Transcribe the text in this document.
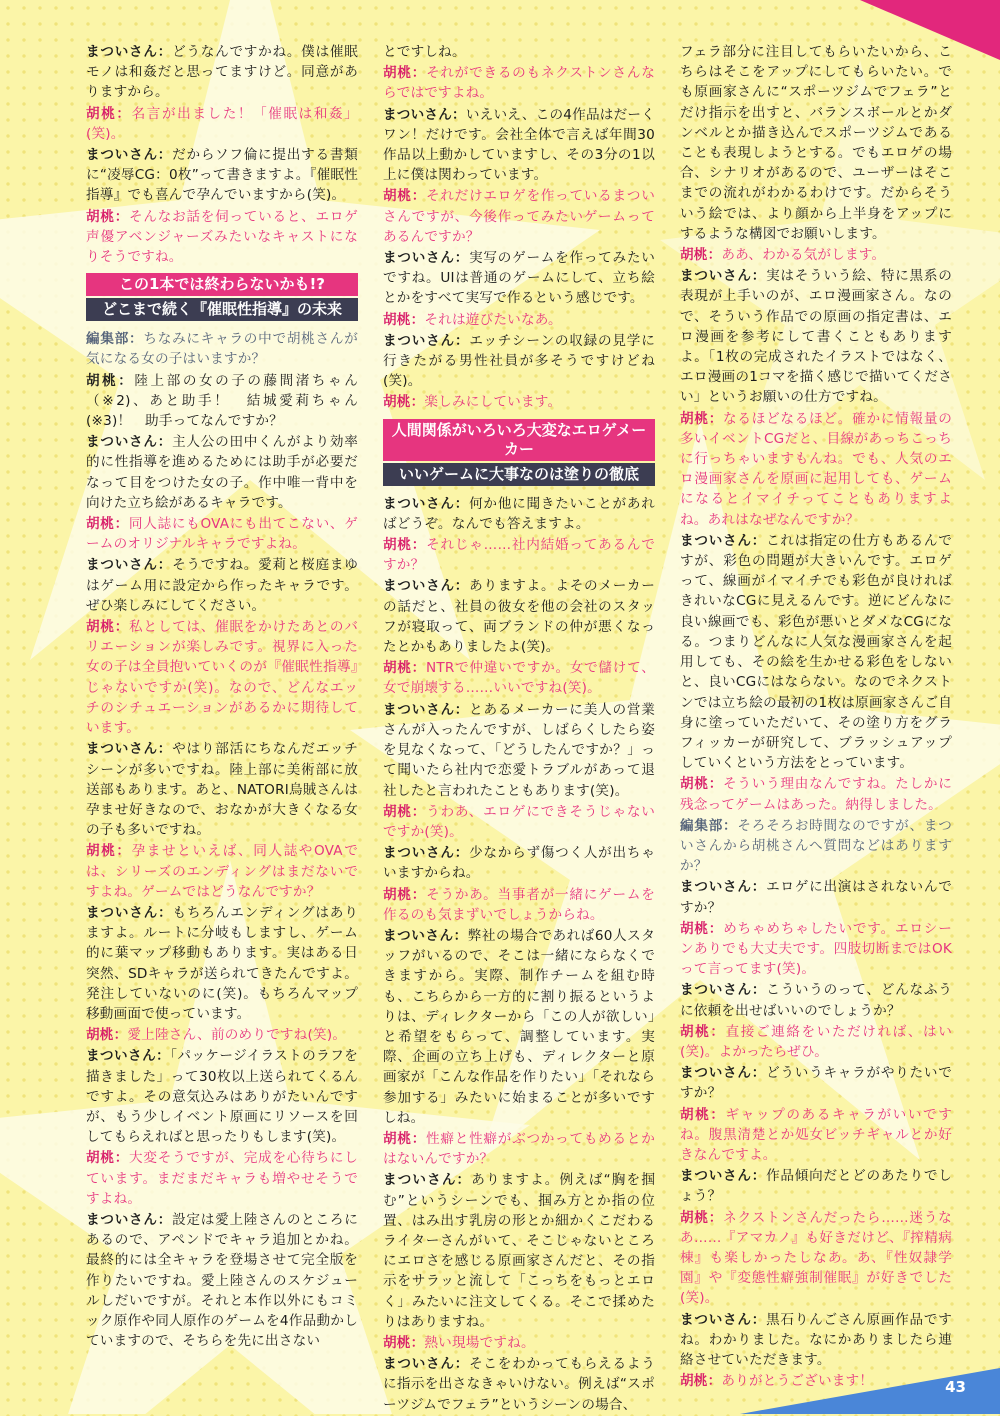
43

まついさん：どうなんですかね。僕は催眠モノは和姦だと思ってますけど。同意がありますから。

胡桃：名言が出ました！「催眠は和姦」(笑)。

まついさん：だからソフ倫に提出する書類に“凌辱CG：0枚”って書きますよ。『催眠性指導』でも喜んで孕んでいますから(笑)。

胡桃：そんなお話を伺っていると、エロゲ声優アベンジャーズみたいなキャストになりそうですね。

この1本では終わらないかも!?
どこまで続く『催眠性指導』の未来

編集部：ちなみにキャラの中で胡桃さんが気になる女の子はいますか？

胡桃：陸上部の女の子の藤間渚ちゃん（※2)、あと助手！　結城愛莉ちゃん(※3)！　助手ってなんですか？

まついさん：主人公の田中くんがより効率的に性指導を進めるためには助手が必要だなって目をつけた女の子。作中唯一背中を向けた立ち絵があるキャラです。

胡桃：同人誌にもOVAにも出てこない、ゲームのオリジナルキャラですよね。

まついさん：そうですね。愛莉と桜庭まゆはゲーム用に設定から作ったキャラです。ぜひ楽しみにしてください。

胡桃：私としては、催眠をかけたあとのバリエーションが楽しみです。視界に入った女の子は全員抱いていくのが『催眠性指導』じゃないですか(笑)。なので、どんなエッチのシチュエーションがあるかに期待しています。

まついさん：やはり部活にちなんだエッチシーンが多いですね。陸上部に美術部に放送部もあります。あと、NATORI烏賊さんは孕ませ好きなので、おなかが大きくなる女の子も多いですね。

胡桃：孕ませといえば、同人誌やOVAでは、シリーズのエンディングはまだないですよね。ゲームではどうなんですか？

まついさん：もちろんエンディングはありますよ。ルートに分岐もしますし、ゲーム的に葉マップ移動もあります。実はある日突然、SDキャラが送られてきたんですよ。発注していないのに(笑)。もちろんマップ移動画面で使っています。

胡桃：愛上陸さん、前のめりですね(笑)。

まついさん：「パッケージイラストのラフを描きました」って30枚以上送られてくるんですよ。その意気込みはありがたいんですが、もう少しイベント原画にリソースを回してもらえればと思ったりもします(笑)。

胡桃：大変そうですが、完成を心待ちにしています。まだまだキャラも増やせそうですよね。

まついさん：設定は愛上陸さんのところにあるので、アペンドでキャラ追加とかね。最終的には全キャラを登場させて完全版を作りたいですね。愛上陸さんのスケジュールしだいですが。それと本作以外にもコミック原作や同人原作のゲームを4作品動かしていますので、そちらを先に出さない

とですしね。

胡桃：それができるのもネクストンさんならではですよね。

まついさん：いえいえ、この4作品はだーくワン！だけです。会社全体で言えば年間30作品以上動かしていますし、その3分の1以上に僕は関わっています。

胡桃：それだけエロゲを作っているまついさんですが、今後作ってみたいゲームってあるんですか？

まついさん：実写のゲームを作ってみたいですね。UIは普通のゲームにして、立ち絵とかをすべて実写で作るという感じです。

胡桃：それは遊びたいなあ。

まついさん：エッチシーンの収録の見学に行きたがる男性社員が多そうですけどね(笑)。

胡桃：楽しみにしています。

人間関係がいろいろ大変なエロゲメーカー
いいゲームに大事なのは塗りの徹底

まついさん：何か他に聞きたいことがあればどうぞ。なんでも答えますよ。

胡桃：それじゃ……社内結婚ってあるんですか？

まついさん：ありますよ。よそのメーカーの話だと、社員の彼女を他の会社のスタッフが寝取って、両ブランドの仲が悪くなったとかもありましたよ(笑)。

胡桃：NTRで仲違いですか。女で儲けて、女で崩壊する……いいですね(笑)。

まついさん：とあるメーカーに美人の営業さんが入ったんですが、しばらくしたら姿を見なくなって、「どうしたんですか？」って聞いたら社内で恋愛トラブルがあって退社したと言われたこともあります(笑)。

胡桃：うわあ、エロゲにできそうじゃないですか(笑)。

まついさん：少なからず傷つく人が出ちゃいますからね。

胡桃：そうかあ。当事者が一緒にゲームを作るのも気まずいでしょうからね。

まついさん：弊社の場合であれば60人スタッフがいるので、そこは一緒にならなくできますから。実際、制作チームを組む時も、こちらから一方的に割り振るというよりは、ディレクターから「この人が欲しい」と希望をもらって、調整しています。実際、企画の立ち上げも、ディレクターと原画家が「こんな作品を作りたい」「それなら参加する」みたいに始まることが多いですしね。

胡桃：性癖と性癖がぶつかってもめるとかはないんですか？

まついさん：ありますよ。例えば“胸を掴む”というシーンでも、掴み方とか指の位置、はみ出す乳房の形とか細かくこだわるライターさんがいて、そこじゃないところにエロさを感じる原画家さんだと、その指示をサラッと流して「こっちをもっとエロく」みたいに注文してくる。そこで揉めたりはありますね。

胡桃：熱い現場ですね。

まついさん：そこをわかってもらえるように指示を出さなきゃいけない。例えば“スポーツジムでフェラ”というシーンの場合、

フェラ部分に注目してもらいたいから、こちらはそこをアップにしてもらいたい。でも原画家さんに“スポーツジムでフェラ”とだけ指示を出すと、バランスボールとかダンベルとか描き込んでスポーツジムであることも表現しようとする。でもエロゲの場合、シナリオがあるので、ユーザーはそこまでの流れがわかるわけです。だからそういう絵では、より顔から上半身をアップにするような構図でお願いします。

胡桃：ああ、わかる気がします。

まついさん：実はそういう絵、特に黒系の表現が上手いのが、エロ漫画家さん。なので、そういう作品での原画の指定書は、エロ漫画を参考にして書くこともありますよ。「1枚の完成されたイラストではなく、エロ漫画の1コマを描く感じで描いてください」というお願いの仕方ですね。

胡桃：なるほどなるほど。確かに情報量の多いイベントCGだと、目線があっちこっちに行っちゃいますもんね。でも、人気のエロ漫画家さんを原画に起用しても、ゲームになるとイマイチってこともありますよね。あれはなぜなんですか？

まついさん：これは指定の仕方もあるんですが、彩色の問題が大きいんです。エロゲって、線画がイマイチでも彩色が良ければきれいなCGに見えるんです。逆にどんなに良い線画でも、彩色が悪いとダメなCGになる。つまりどんなに人気な漫画家さんを起用しても、その絵を生かせる彩色をしないと、良いCGにはならない。なのでネクストンでは立ち絵の最初の1枚は原画家さんご自身に塗っていただいて、その塗り方をグラフィッカーが研究して、ブラッシュアップしていくという方法をとっています。

胡桃：そういう理由なんですね。たしかに残念ってゲームはあった。納得しました。

編集部：そろそろお時間なのですが、まついさんから胡桃さんへ質問などはありますか？

まついさん：エロゲに出演はされないんですか？

胡桃：めちゃめちゃしたいです。エロシーンありでも大丈夫です。四肢切断まではOKって言ってます(笑)。

まついさん：こういうのって、どんなふうに依頼を出せばいいのでしょうか？

胡桃：直接ご連絡をいただければ、はい(笑)。よかったらぜひ。

まついさん：どういうキャラがやりたいですか？

胡桃：ギャップのあるキャラがいいですね。腹黒清楚とか処女ビッチギャルとか好きなんですよ。

まついさん：作品傾向だとどのあたりでしょう？

胡桃：ネクストンさんだったら……迷うなあ……『アマカノ』も好きだけど、『搾精病棟』も楽しかったしなあ。あ、『性奴隷学園』や『変態性癖強制催眠』が好きでした(笑)。

まついさん：黒石りんごさん原画作品ですね。わかりました。なにかありましたら連絡させていただきます。

胡桃：ありがとうございます！
